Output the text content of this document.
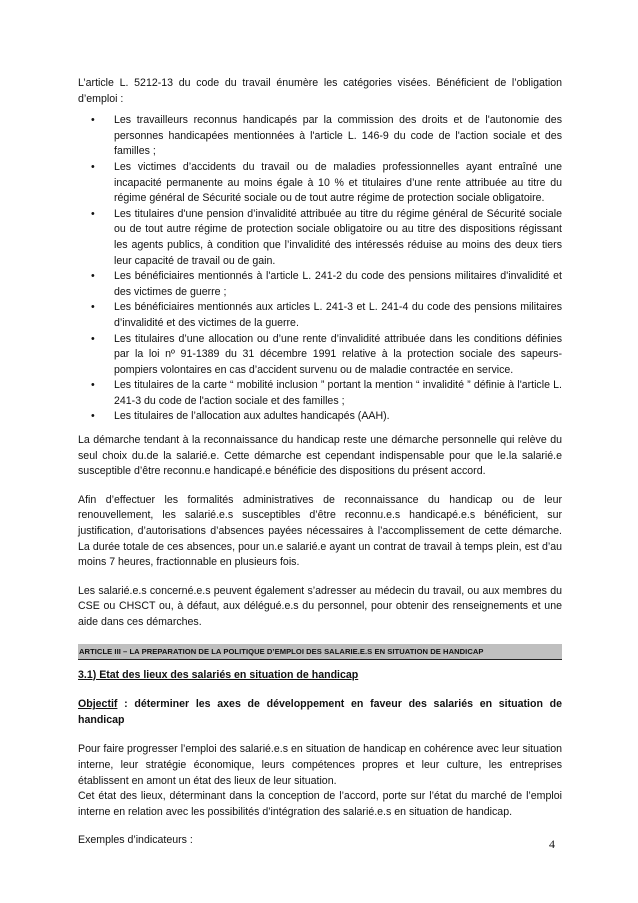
L’article L. 5212-13 du code du travail énumère les catégories visées. Bénéficient de l’obligation d’emploi :

• Les travailleurs reconnus handicapés par la commission des droits et de l'autonomie des personnes handicapées mentionnées à l'article L. 146-9 du code de l'action sociale et des familles ;
• Les victimes d’accidents du travail ou de maladies professionnelles ayant entraîné une incapacité permanente au moins égale à 10 % et titulaires d’une rente attribuée au titre du régime général de Sécurité sociale ou de tout autre régime de protection sociale obligatoire.
• Les titulaires d'une pension d’invalidité attribuée au titre du régime général de Sécurité sociale ou de tout autre régime de protection sociale obligatoire ou au titre des dispositions régissant les agents publics, à condition que l’invalidité des intéressés réduise au moins des deux tiers leur capacité de travail ou de gain.
• Les bénéficiaires mentionnés à l'article L. 241-2 du code des pensions militaires d'invalidité et des victimes de guerre ;
• Les bénéficiaires mentionnés aux articles L. 241-3 et L. 241-4 du code des pensions militaires d’invalidité et des victimes de la guerre.
• Les titulaires d’une allocation ou d’une rente d’invalidité attribuée dans les conditions définies par la loi nº 91-1389 du 31 décembre 1991 relative à la protection sociale des sapeurs-pompiers volontaires en cas d’accident survenu ou de maladie contractée en service.
• Les titulaires de la carte “ mobilité inclusion ” portant la mention “ invalidité ” définie à l'article L. 241-3 du code de l'action sociale et des familles ;
• Les titulaires de l’allocation aux adultes handicapés (AAH).

La démarche tendant à la reconnaissance du handicap reste une démarche personnelle qui relève du seul choix du.de la salarié.e. Cette démarche est cependant indispensable pour que le.la salarié.e susceptible d’être reconnu.e handicapé.e bénéficie des dispositions du présent accord.

Afin d’effectuer les formalités administratives de reconnaissance du handicap ou de leur renouvellement, les salarié.e.s susceptibles d’être reconnu.e.s handicapé.e.s bénéficient, sur justification, d’autorisations d’absences payées nécessaires à l’accomplissement de cette démarche. La durée totale de ces absences, pour un.e salarié.e ayant un contrat de travail à temps plein, est d’au moins 7 heures, fractionnable en plusieurs fois.

Les salarié.e.s concerné.e.s peuvent également s’adresser au médecin du travail, ou aux membres du CSE ou CHSCT ou, à défaut, aux délégué.e.s du personnel, pour obtenir des renseignements et une aide dans ces démarches.

ARTICLE III – LA PREPARATION DE LA POLITIQUE D’EMPLOI DES SALARIE.E.S EN SITUATION DE HANDICAP

3.1) Etat des lieux des salariés en situation de handicap

Objectif : déterminer les axes de développement en faveur des salariés en situation de handicap

Pour faire progresser l’emploi des salarié.e.s en situation de handicap en cohérence avec leur situation interne, leur stratégie économique, leurs compétences propres et leur culture, les entreprises établissent en amont un état des lieux de leur situation.

Cet état des lieux, déterminant dans la conception de l’accord, porte sur l’état du marché de l’emploi interne en relation avec les possibilités d’intégration des salarié.e.s en situation de handicap.

Exemples d’indicateurs :	4
